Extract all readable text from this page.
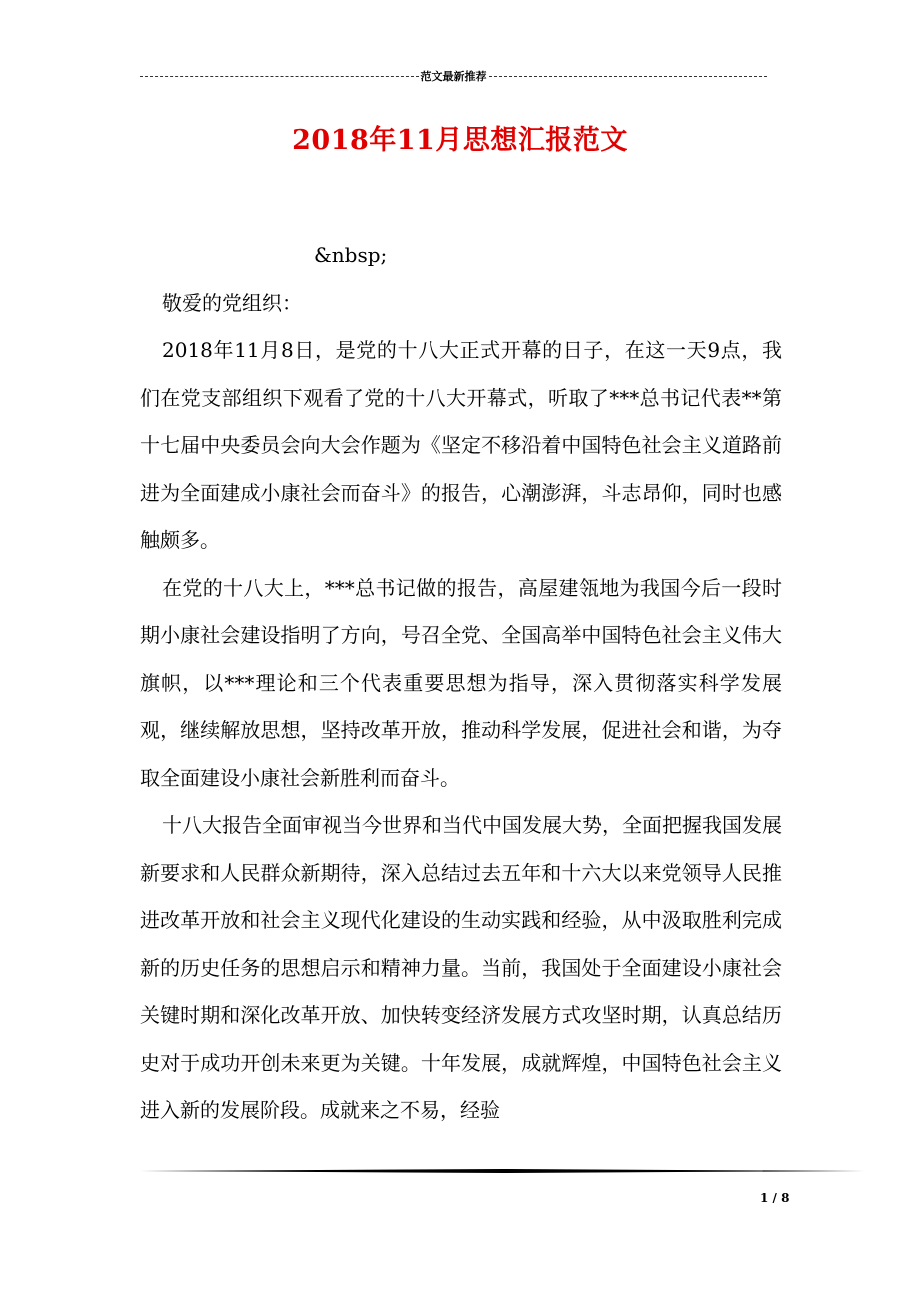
范文最新推荐
2018年11月思想汇报范文

&nbsp;

敬爱的党组织：

2018年11月8日，是党的十八大正式开幕的日子，在这一天9点，我们在党支部组织下观看了党的十八大开幕式，听取了***总书记代表**第十七届中央委员会向大会作题为《坚定不移沿着中国特色社会主义道路前进为全面建成小康社会而奋斗》的报告，心潮澎湃，斗志昂仰，同时也感触颇多。

在党的十八大上，***总书记做的报告，高屋建瓴地为我国今后一段时期小康社会建设指明了方向，号召全党、全国高举中国特色社会主义伟大旗帜，以***理论和三个代表重要思想为指导，深入贯彻落实科学发展观，继续解放思想，坚持改革开放，推动科学发展，促进社会和谐，为夺取全面建设小康社会新胜利而奋斗。

十八大报告全面审视当今世界和当代中国发展大势，全面把握我国发展新要求和人民群众新期待，深入总结过去五年和十六大以来党领导人民推进改革开放和社会主义现代化建设的生动实践和经验，从中汲取胜利完成新的历史任务的思想启示和精神力量。当前，我国处于全面建设小康社会关键时期和深化改革开放、加快转变经济发展方式攻坚时期，认真总结历史对于成功开创未来更为关键。十年发展，成就辉煌，中国特色社会主义进入新的发展阶段。成就来之不易，经验

1 / 8
